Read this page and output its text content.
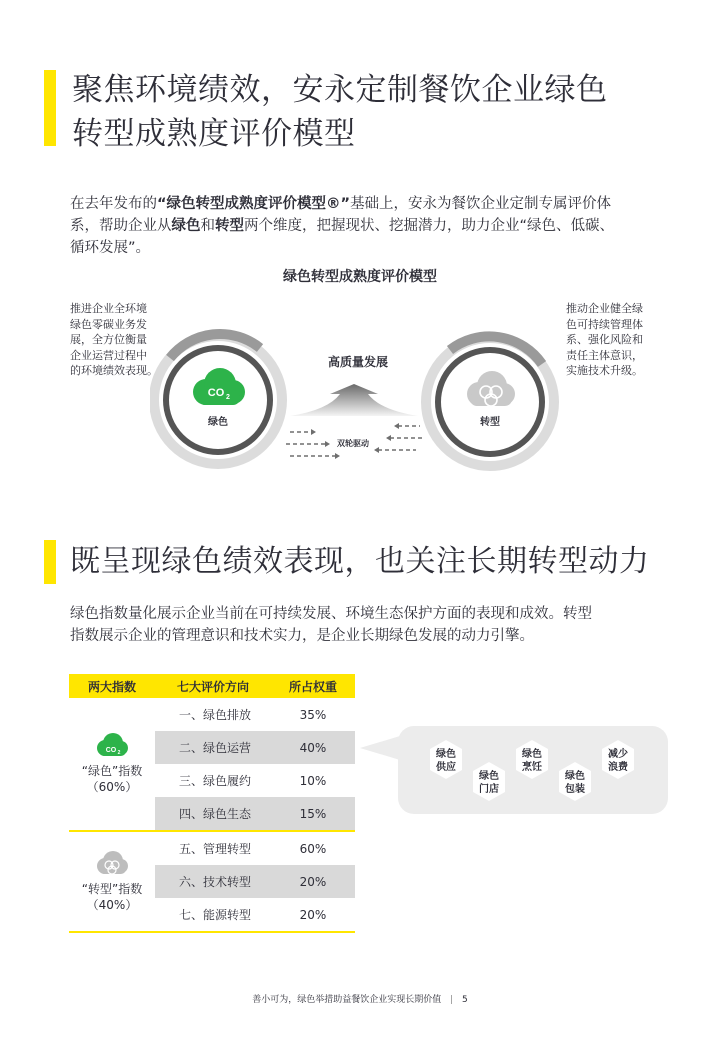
聚焦环境绩效，安永定制餐饮企业绿色
转型成熟度评价模型
在去年发布的“绿色转型成熟度评价模型®”基础上，安永为餐饮企业定制专属评价体
系，帮助企业从绿色和转型两个维度，把握现状、挖掘潜力，助力企业“绿色、低碳、
循环发展”。
绿色转型成熟度评价模型
推进企业全环境
绿色零碳业务发
展，全方位衡量
企业运营过程中
的环境绩效表现。
推动企业健全绿
色可持续管理体
系、强化风险和
责任主体意识，
实施技术升级。
CO 2
绿色	转型
高质量发展
双轮驱动
既呈现绿色绩效表现，也关注长期转型动力
绿色指数量化展示企业当前在可持续发展、环境生态保护方面的表现和成效。转型
指数展示企业的管理意识和技术实力，是企业长期绿色发展的动力引擎。
两大指数	七大评价方向	所占权重

CO 2
“绿色”指数
（60%）	一、绿色排放	35%
	二、绿色运营	40%
	三、绿色履约	10%
	四、绿色生态	15%

“转型”指数
（40%）	五、管理转型	60%
	六、技术转型	20%
	七、能源转型	20%
绿色
供应
绿色
门店
绿色
烹饪
绿色
包装
减少
浪费
善小可为，绿色举措助益餐饮企业实现长期价值 | 5
